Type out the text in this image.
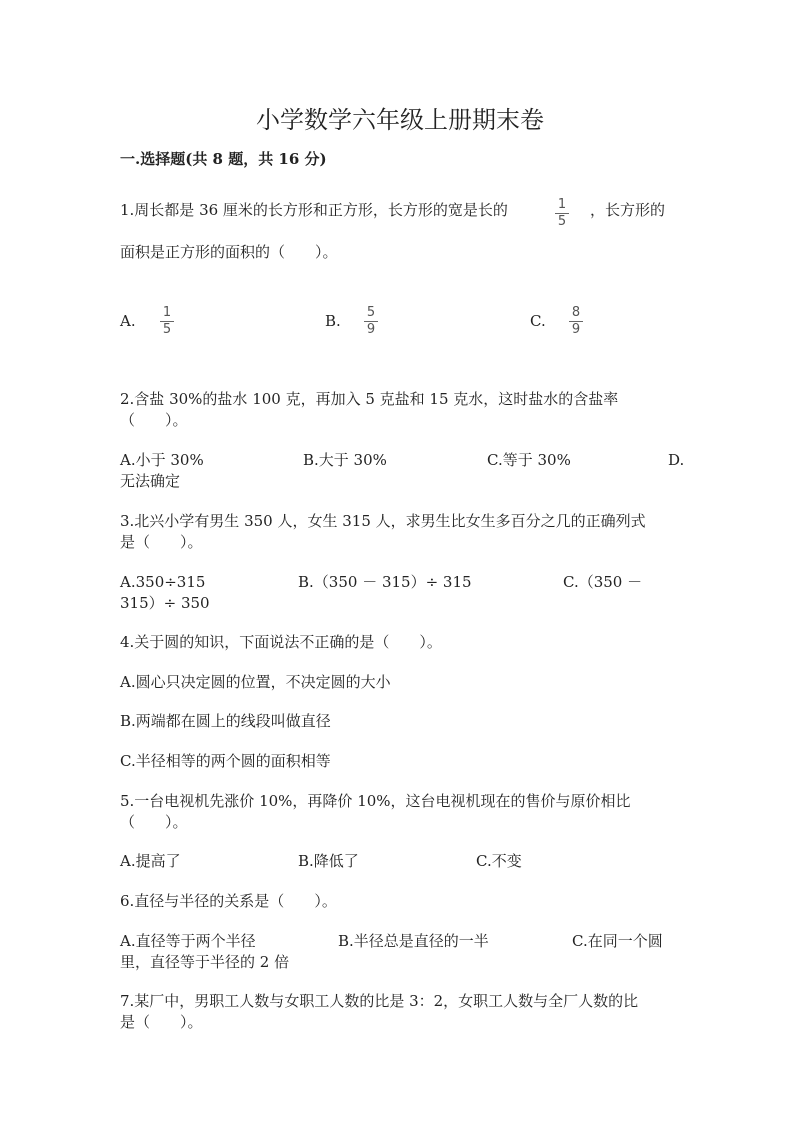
小学数学六年级上册期末卷
一.选择题(共 8 题，共 16 分)
1.周长都是 36 厘米的长方形和正方形，长方形的宽是长的	1
5
，长方形的
面积是正方形的面积的（　　）。
A. 1
5	B. 5
9	C. 8
9
2.含盐 30%的盐水 100 克，再加入 5 克盐和 15 克水，这时盐水的含盐率
（　　）。
A.小于 30%	B.大于 30%	C.等于 30%	D.
无法确定
3.北兴小学有男生 350 人，女生 315 人，求男生比女生多百分之几的正确列式
是（　　）。
A.350÷315	B.（350 － 315）÷ 315	C.（350 －
315）÷ 350
4.关于圆的知识，下面说法不正确的是（　　）。
A.圆心只决定圆的位置，不决定圆的大小
B.两端都在圆上的线段叫做直径
C.半径相等的两个圆的面积相等
5.一台电视机先涨价 10%，再降价 10%，这台电视机现在的售价与原价相比
（　　）。
A.提高了	B.降低了	C.不变
6.直径与半径的关系是（　　）。
A.直径等于两个半径	B.半径总是直径的一半	C.在同一个圆
里，直径等于半径的 2 倍
7.某厂中，男职工人数与女职工人数的比是 3：2，女职工人数与全厂人数的比
是（　　）。
